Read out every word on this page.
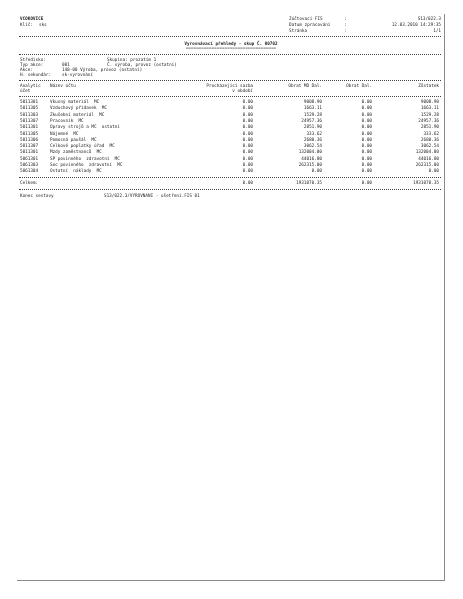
VCOKOVICE
Klíč: sks
Zúčtovací FIS
Datum zpracování
Stránka
:
:
:
S13/022.3
12.03.2010 14:29:35
1/1
Vyrovnávací přehledy - skup Č. 00702
===================================
Středisko:	Skupina: prozatím 1
Typ akce:	001	Č. výroba, provoz (ostatní)
Akce:	148-00 Výroba, provoz (ostatní)
H. sekundár:	sk-vyrovnání
Analytic Název účtu	Procházející sazba	Obrat MD Dal.	Obrat Dal.	Zůstatek
účet	v období
5011301	Vkusný materiál  MC	0.00	9008.90	0.00	9008.90
5011305	Vzduchový přídavek  MC	0.00	1663.11	0.00	1663.11
5011303	Zkušební materiál  MC	0.00	1529.28	0.00	1529.28
5011307	Pracovník  MC	0.00	24957.36	0.00	24957.36
5011301	Opravy strojů a MC  ostatní	0.00	2851.90	0.00	2851.90
5011305	Nájemné  MC	0.00	333.62	0.00	333.62
5011306	Pomocná paušál  MC	0.00	2680.36	0.00	2680.36
5011307	Celkové poplatky úřad  MC	0.00	3062.54	0.00	3062.54
5011301	Mzdy zaměstnanců  MC	0.00	132004.00	0.00	132004.00
5061301	SP povinného  zdravotní  MC	0.00	44016.80	0.00	44016.80
5061303	Soc povinného  zdravotní  MC	0.00	262315.00	0.00	262315.00
5061304	Ostatní  náklady  MC	0.00	0.00	0.00	0.00
Celkem:	0.00	1931070.35	0.00	1931070.35
Konec sestavy	S13/022.3/VYROVNANI - ušetření.FIS 01
